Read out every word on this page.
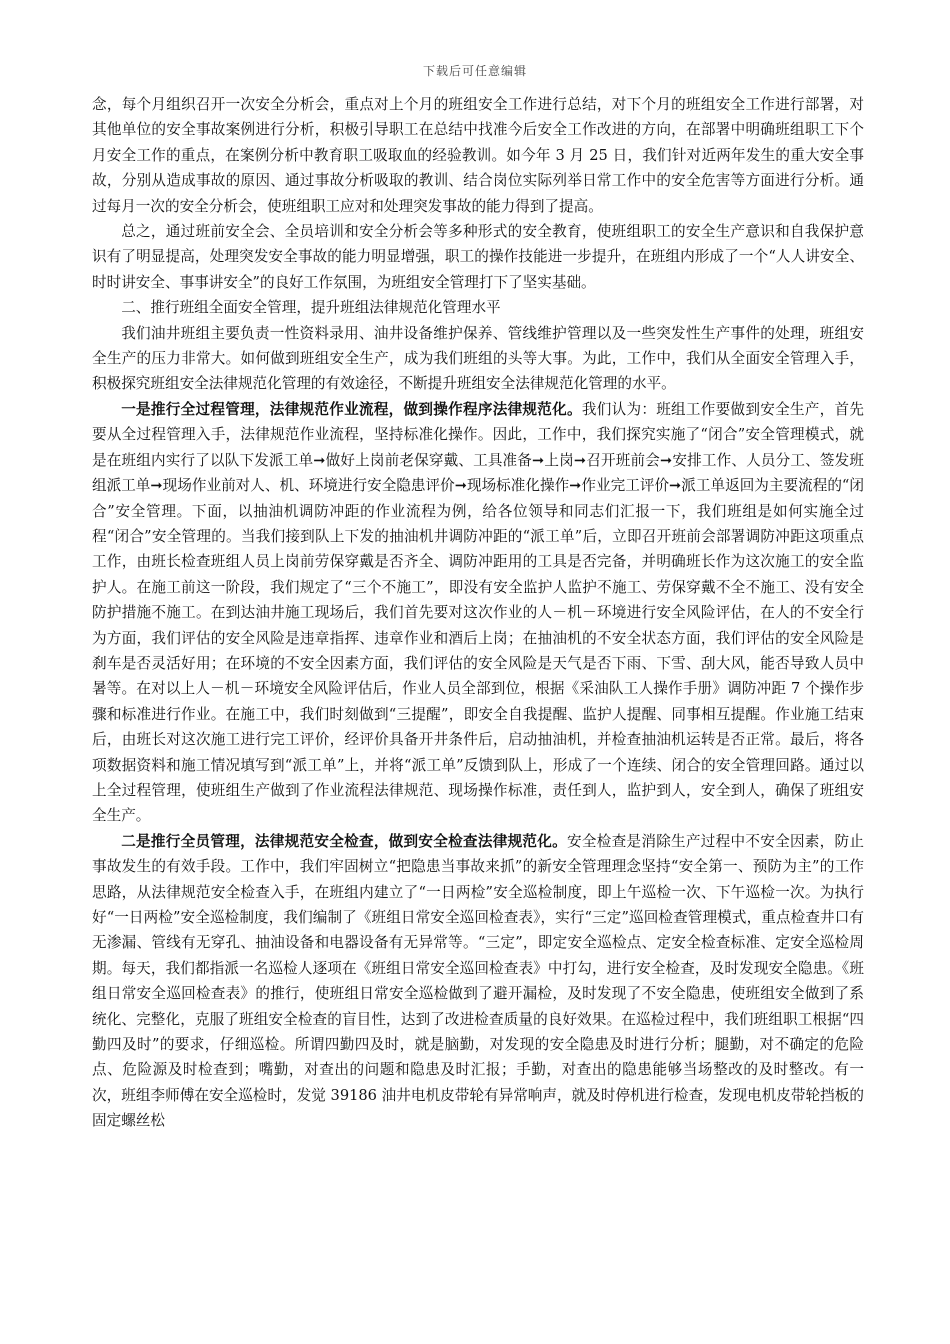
下载后可任意编辑

念，每个月组织召开一次安全分析会，重点对上个月的班组安全工作进行总结，对下个月的班组安全工作进行部署，对其他单位的安全事故案例进行分析，积极引导职工在总结中找准今后安全工作改进的方向，在部署中明确班组职工下个月安全工作的重点，在案例分析中教育职工吸取血的经验教训。如今年 3 月 25 日，我们针对近两年发生的重大安全事故，分别从造成事故的原因、通过事故分析吸取的教训、结合岗位实际列举日常工作中的安全危害等方面进行分析。通过每月一次的安全分析会，使班组职工应对和处理突发事故的能力得到了提高。

总之，通过班前安全会、全员培训和安全分析会等多种形式的安全教育，使班组职工的安全生产意识和自我保护意识有了明显提高，处理突发安全事故的能力明显增强，职工的操作技能进一步提升，在班组内形成了一个“人人讲安全、时时讲安全、事事讲安全”的良好工作氛围，为班组安全管理打下了坚实基础。

二、推行班组全面安全管理，提升班组法律规范化管理水平

我们油井班组主要负责一性资料录用、油井设备维护保养、管线维护管理以及一些突发性生产事件的处理，班组安全生产的压力非常大。如何做到班组安全生产，成为我们班组的头等大事。为此，工作中，我们从全面安全管理入手，积极探究班组安全法律规范化管理的有效途径，不断提升班组安全法律规范化管理的水平。

一是推行全过程管理，法律规范作业流程，做到操作程序法律规范化。我们认为：班组工作要做到安全生产，首先要从全过程管理入手，法律规范作业流程，坚持标准化操作。因此，工作中，我们探究实施了“闭合”安全管理模式，就是在班组内实行了以队下发派工单➞做好上岗前老保穿戴、工具准备➞上岗➞召开班前会➞安排工作、人员分工、签发班组派工单➞现场作业前对人、机、环境进行安全隐患评价➞现场标准化操作➞作业完工评价➞派工单返回为主要流程的“闭合”安全管理。下面，以抽油机调防冲距的作业流程为例，给各位领导和同志们汇报一下，我们班组是如何实施全过程“闭合”安全管理的。当我们接到队上下发的抽油机井调防冲距的“派工单”后，立即召开班前会部署调防冲距这项重点工作，由班长检查班组人员上岗前劳保穿戴是否齐全、调防冲距用的工具是否完备，并明确班长作为这次施工的安全监护人。在施工前这一阶段，我们规定了“三个不施工”，即没有安全监护人监护不施工、劳保穿戴不全不施工、没有安全防护措施不施工。在到达油井施工现场后，我们首先要对这次作业的人－机－环境进行安全风险评估，在人的不安全行为方面，我们评估的安全风险是违章指挥、违章作业和酒后上岗；在抽油机的不安全状态方面，我们评估的安全风险是刹车是否灵活好用；在环境的不安全因素方面，我们评估的安全风险是天气是否下雨、下雪、刮大风，能否导致人员中暑等。在对以上人－机－环境安全风险评估后，作业人员全部到位，根据《采油队工人操作手册》调防冲距 7 个操作步骤和标准进行作业。在施工中，我们时刻做到“三提醒”，即安全自我提醒、监护人提醒、同事相互提醒。作业施工结束后，由班长对这次施工进行完工评价，经评价具备开井条件后，启动抽油机，并检查抽油机运转是否正常。最后，将各项数据资料和施工情况填写到“派工单”上，并将“派工单”反馈到队上，形成了一个连续、闭合的安全管理回路。通过以上全过程管理，使班组生产做到了作业流程法律规范、现场操作标准，责任到人，监护到人，安全到人，确保了班组安全生产。

二是推行全员管理，法律规范安全检查，做到安全检查法律规范化。安全检查是消除生产过程中不安全因素，防止事故发生的有效手段。工作中，我们牢固树立“把隐患当事故来抓”的新安全管理理念坚持“安全第一、预防为主”的工作思路，从法律规范安全检查入手，在班组内建立了“一日两检”安全巡检制度，即上午巡检一次、下午巡检一次。为执行好“一日两检”安全巡检制度，我们编制了《班组日常安全巡回检查表》，实行“三定”巡回检查管理模式，重点检查井口有无渗漏、管线有无穿孔、抽油设备和电器设备有无异常等。“三定”，即定安全巡检点、定安全检查标准、定安全巡检周期。每天，我们都指派一名巡检人逐项在《班组日常安全巡回检查表》中打勾，进行安全检查，及时发现安全隐患。《班组日常安全巡回检查表》的推行，使班组日常安全巡检做到了避开漏检，及时发现了不安全隐患，使班组安全做到了系统化、完整化，克服了班组安全检查的盲目性，达到了改进检查质量的良好效果。在巡检过程中，我们班组职工根据“四勤四及时”的要求，仔细巡检。所谓四勤四及时，就是脑勤，对发现的安全隐患及时进行分析；腿勤，对不确定的危险点、危险源及时检查到；嘴勤，对查出的问题和隐患及时汇报；手勤，对查出的隐患能够当场整改的及时整改。有一次，班组李师傅在安全巡检时，发觉 39186 油井电机皮带轮有异常响声，就及时停机进行检查，发现电机皮带轮挡板的固定螺丝松
